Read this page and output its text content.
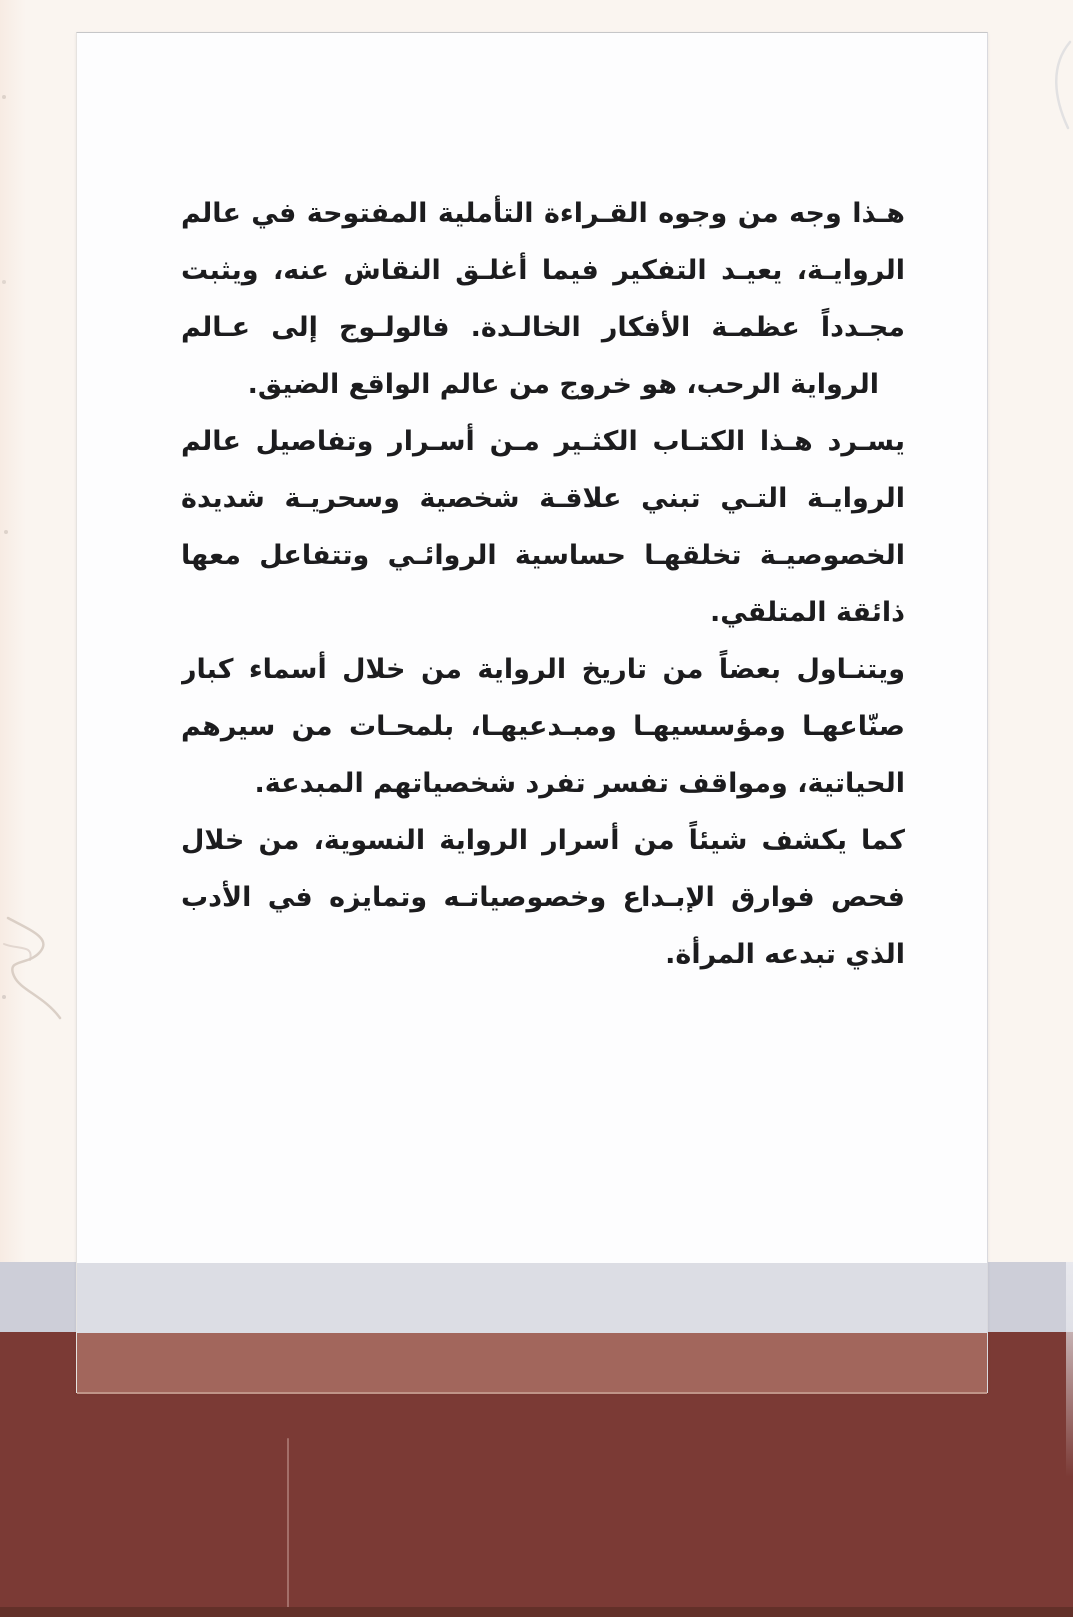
هـذا وجه من وجوه القـراءة التأملية المفتوحة في عالم
الروايـة، يعيـد التفكير فيما أغلـق النقاش عنه، ويثبت
مجـدداً عظمـة الأفكار الخالـدة. فالولـوج إلى عـالم
الرواية الرحب، هو خروج من عالم الواقع الضيق.
يسـرد هـذا الكتـاب الكثـير مـن أسـرار وتفاصيل عالم
الروايـة التـي تبني علاقـة شخصية وسحريـة شديدة
الخصوصيـة تخلقهـا حساسية الروائـي وتتفاعل معها
ذائقة المتلقي.
ويتنـاول بعضاً من تاريخ الرواية من خلال أسماء كبار
صنّاعهـا ومؤسسيهـا ومبـدعيهـا، بلمحـات من سيرهم
الحياتية، ومواقف تفسر تفرد شخصياتهم المبدعة.
كما يكشف شيئاً من أسرار الرواية النسوية، من خلال
فحص فوارق الإبـداع وخصوصياتـه وتمايزه في الأدب
الذي تبدعه المرأة.
